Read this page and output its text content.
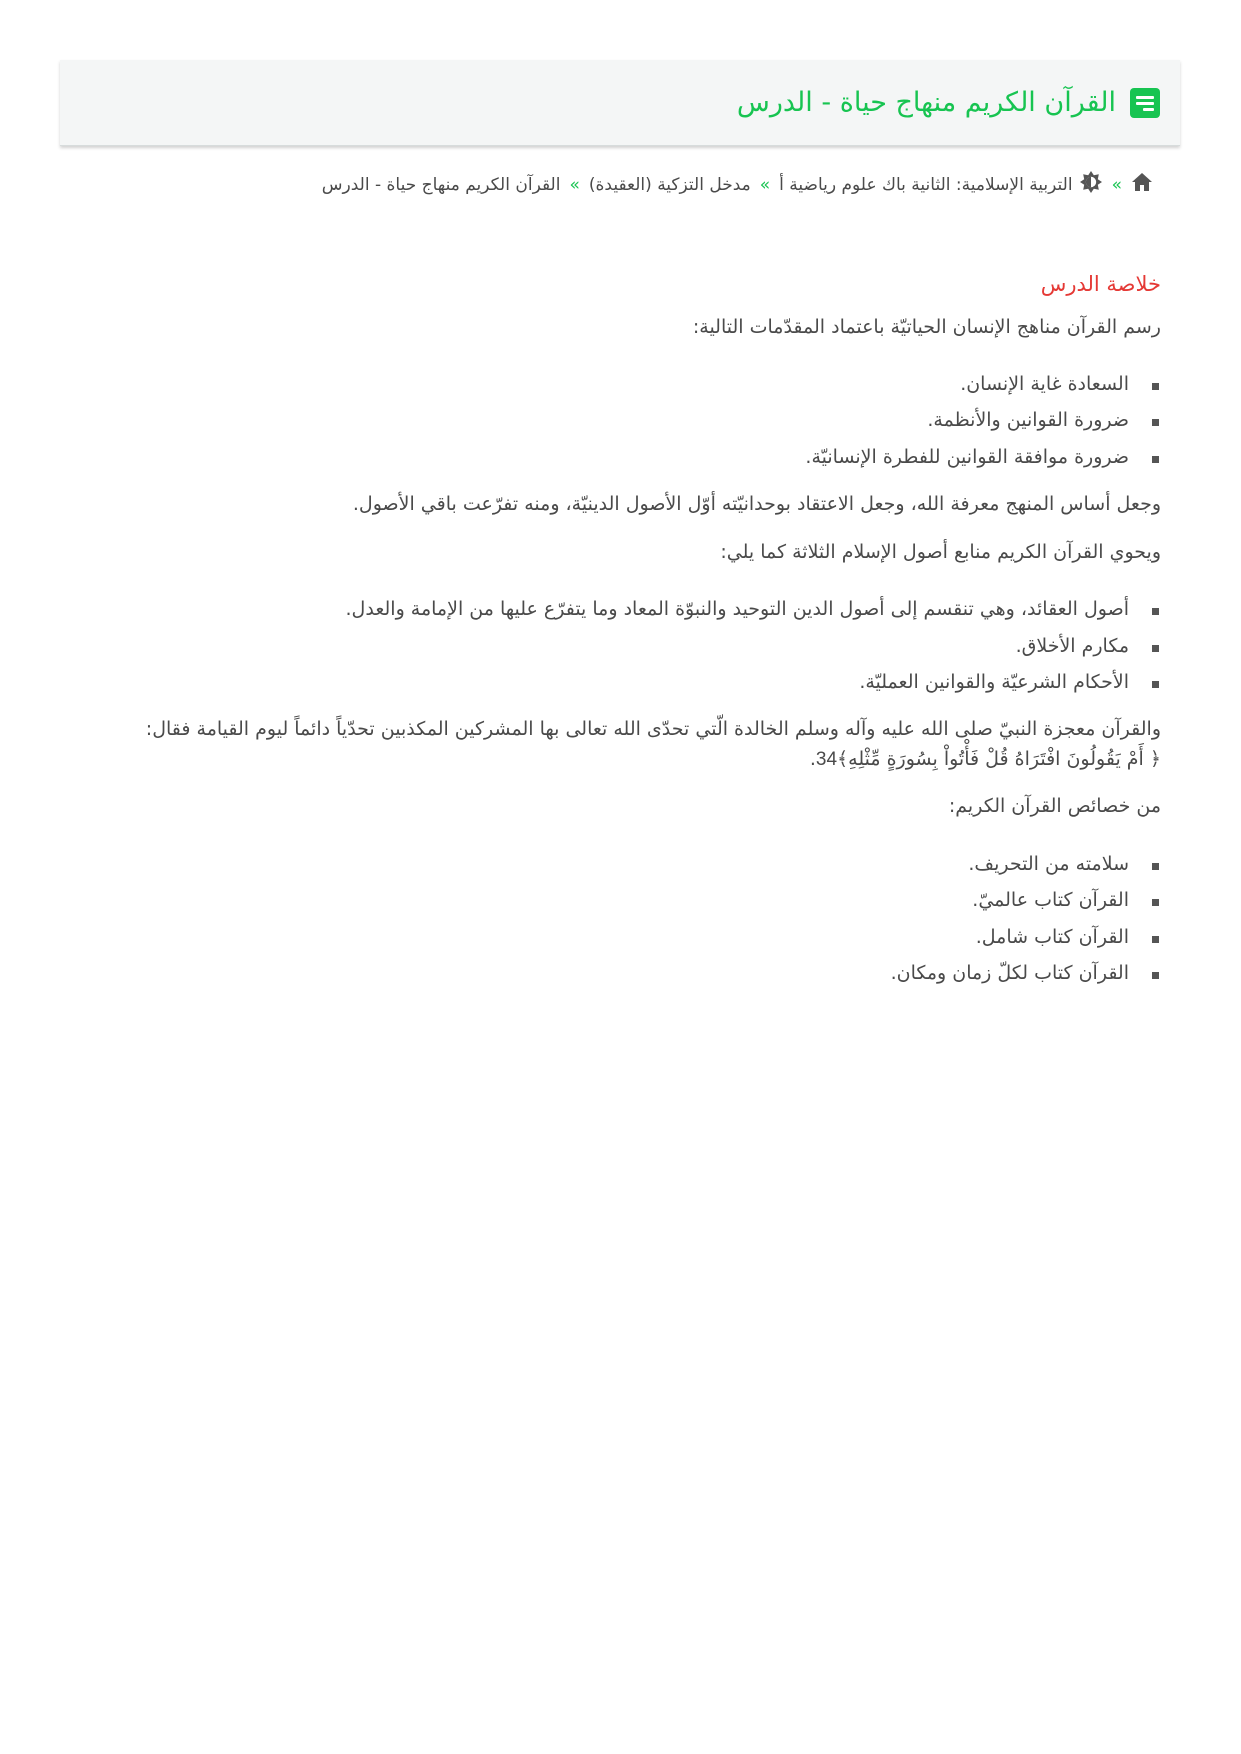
القرآن الكريم منهاج حياة - الدرس
»
التربية الإسلامية: الثانية باك علوم رياضية أ
»
مدخل التزكية (العقيدة)
»
القرآن الكريم منهاج حياة - الدرس
خلاصة الدرس

رسم القرآن مناهج الإنسان الحياتيّة باعتماد المقدّمات التالية:

السعادة غاية الإنسان.
ضرورة القوانين والأنظمة.
ضرورة موافقة القوانين للفطرة الإنسانيّة.

وجعل أساس المنهج معرفة الله، وجعل الاعتقاد بوحدانيّته أوّل الأصول الدينيّة، ومنه تفرّعت باقي الأصول.

ويحوي القرآن الكريم منابع أصول الإسلام الثلاثة كما يلي:

أصول العقائد، وهي تنقسم إلى أصول الدين التوحيد والنبوّة المعاد وما يتفرّع عليها من الإمامة والعدل.
مكارم الأخلاق.
الأحكام الشرعيّة والقوانين العمليّة.

والقرآن معجزة النبيّ صلى الله عليه وآله وسلم الخالدة الّتي تحدّى الله تعالى بها المشركين المكذبين تحدّياً دائماً ليوم القيامة فقال:
﴿ أَمْ يَقُولُونَ افْتَرَاهُ قُلْ فَأْتُواْ بِسُورَةٍ مِّثْلِهِ﴾34.

من خصائص القرآن الكريم:

سلامته من التحريف.
القرآن كتاب عالميّ.
القرآن كتاب شامل.
القرآن كتاب لكلّ زمان ومكان.
